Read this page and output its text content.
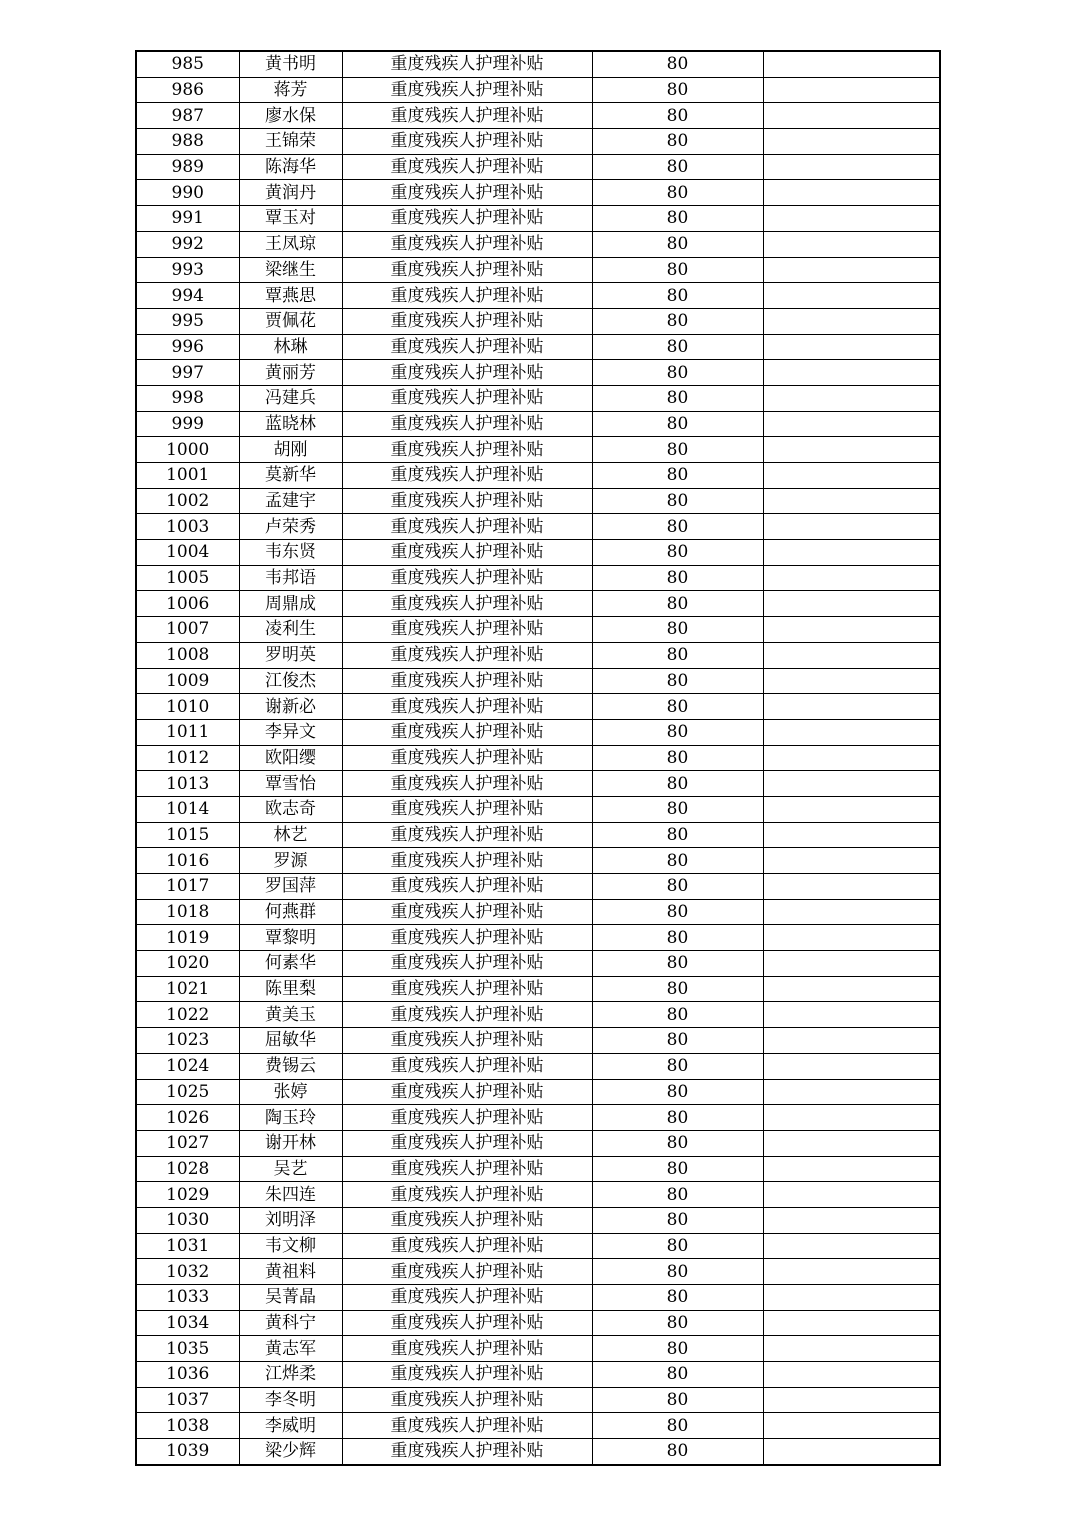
985	黄书明	重度残疾人护理补贴	80	
986	蒋芳	重度残疾人护理补贴	80	
987	廖水保	重度残疾人护理补贴	80	
988	王锦荣	重度残疾人护理补贴	80	
989	陈海华	重度残疾人护理补贴	80	
990	黄润丹	重度残疾人护理补贴	80	
991	覃玉对	重度残疾人护理补贴	80	
992	王凤琼	重度残疾人护理补贴	80	
993	梁继生	重度残疾人护理补贴	80	
994	覃燕思	重度残疾人护理补贴	80	
995	贾佩花	重度残疾人护理补贴	80	
996	林琳	重度残疾人护理补贴	80	
997	黄丽芳	重度残疾人护理补贴	80	
998	冯建兵	重度残疾人护理补贴	80	
999	蓝晓林	重度残疾人护理补贴	80	
1000	胡刚	重度残疾人护理补贴	80	
1001	莫新华	重度残疾人护理补贴	80	
1002	孟建宇	重度残疾人护理补贴	80	
1003	卢荣秀	重度残疾人护理补贴	80	
1004	韦东贤	重度残疾人护理补贴	80	
1005	韦邦语	重度残疾人护理补贴	80	
1006	周鼎成	重度残疾人护理补贴	80	
1007	凌利生	重度残疾人护理补贴	80	
1008	罗明英	重度残疾人护理补贴	80	
1009	江俊杰	重度残疾人护理补贴	80	
1010	谢新必	重度残疾人护理补贴	80	
1011	李异文	重度残疾人护理补贴	80	
1012	欧阳缨	重度残疾人护理补贴	80	
1013	覃雪怡	重度残疾人护理补贴	80	
1014	欧志奇	重度残疾人护理补贴	80	
1015	林艺	重度残疾人护理补贴	80	
1016	罗源	重度残疾人护理补贴	80	
1017	罗国萍	重度残疾人护理补贴	80	
1018	何燕群	重度残疾人护理补贴	80	
1019	覃黎明	重度残疾人护理补贴	80	
1020	何素华	重度残疾人护理补贴	80	
1021	陈里梨	重度残疾人护理补贴	80	
1022	黄美玉	重度残疾人护理补贴	80	
1023	屈敏华	重度残疾人护理补贴	80	
1024	费锡云	重度残疾人护理补贴	80	
1025	张婷	重度残疾人护理补贴	80	
1026	陶玉玲	重度残疾人护理补贴	80	
1027	谢开林	重度残疾人护理补贴	80	
1028	吴艺	重度残疾人护理补贴	80	
1029	朱四连	重度残疾人护理补贴	80	
1030	刘明泽	重度残疾人护理补贴	80	
1031	韦文柳	重度残疾人护理补贴	80	
1032	黄祖料	重度残疾人护理补贴	80	
1033	吴菁晶	重度残疾人护理补贴	80	
1034	黄科宁	重度残疾人护理补贴	80	
1035	黄志军	重度残疾人护理补贴	80	
1036	江烨柔	重度残疾人护理补贴	80	
1037	李冬明	重度残疾人护理补贴	80	
1038	李威明	重度残疾人护理补贴	80	
1039	梁少辉	重度残疾人护理补贴	80	
